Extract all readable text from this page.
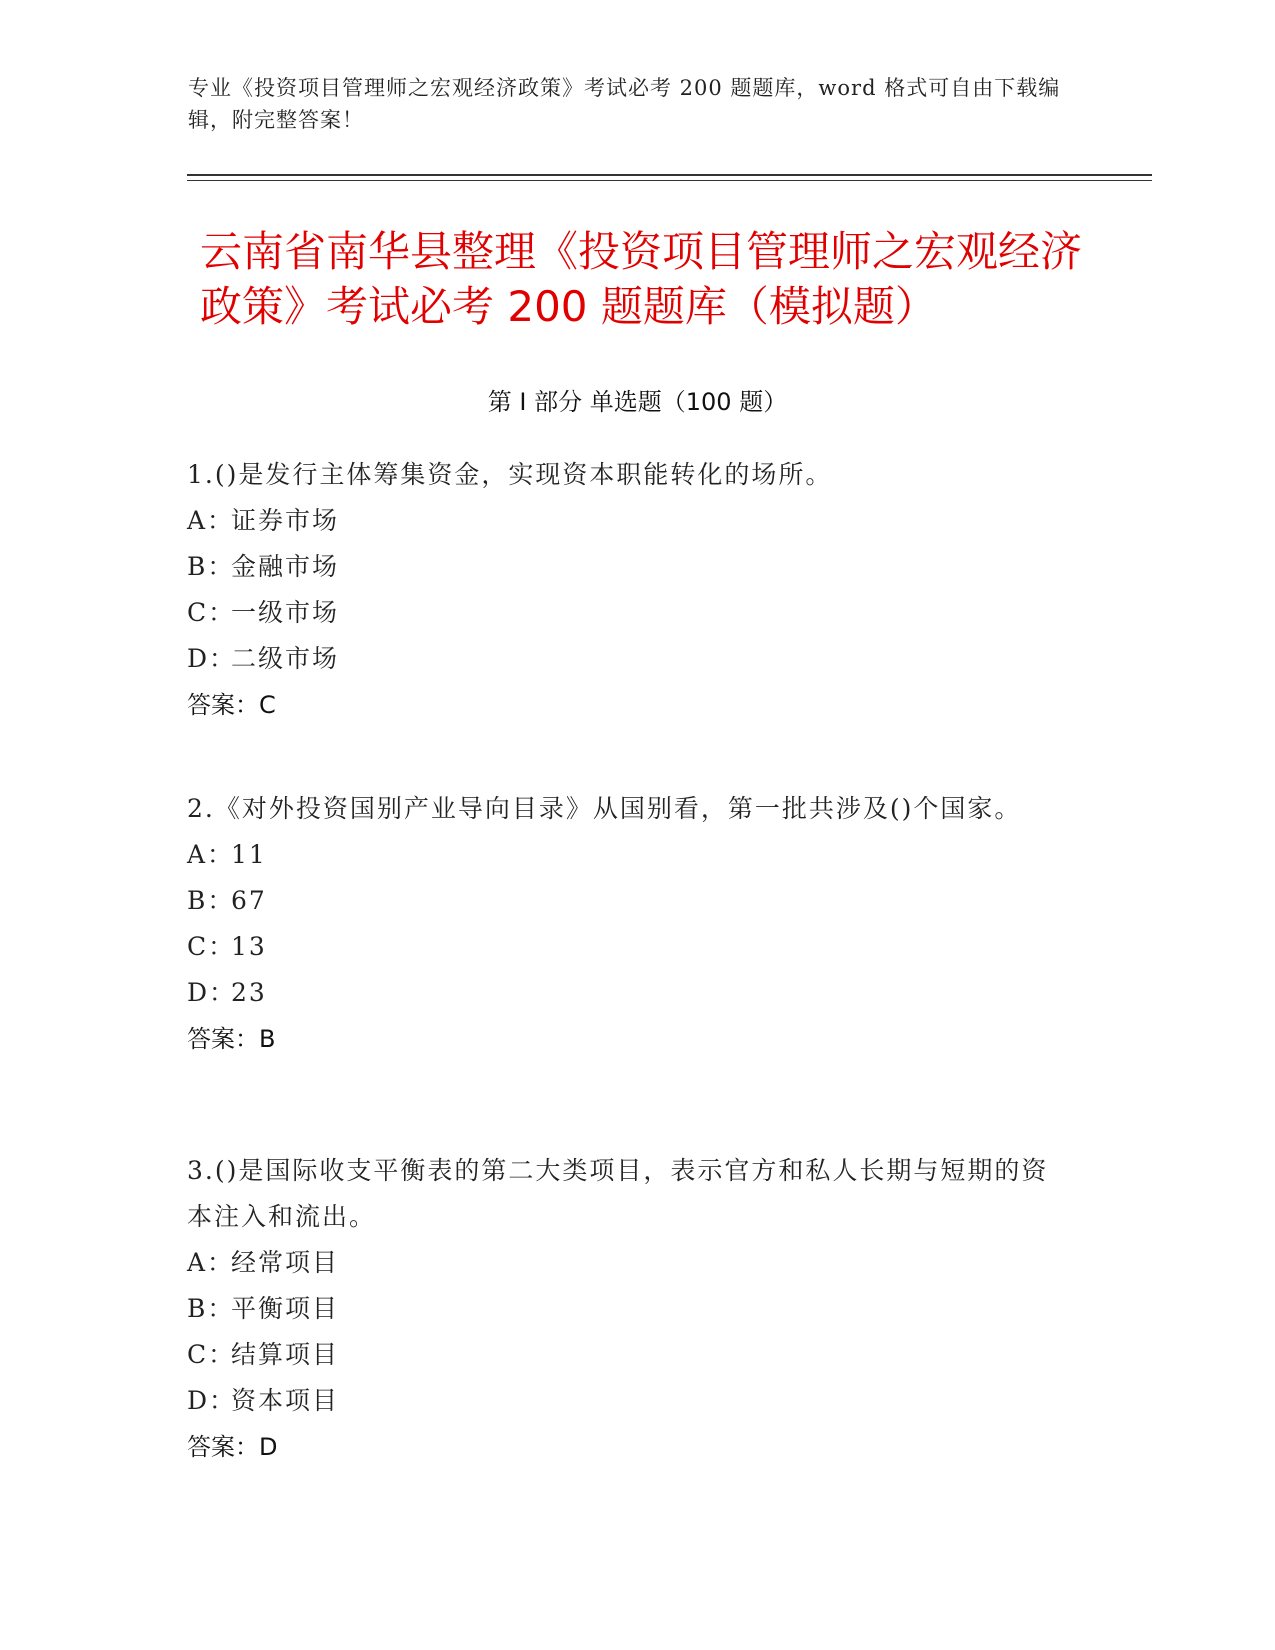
专业《投资项目管理师之宏观经济政策》考试必考 200 题题库，word 格式可自由下载编辑，附完整答案！
云南省南华县整理《投资项目管理师之宏观经济政策》考试必考 200 题题库（模拟题）
第 I 部分 单选题（100 题）

1.()是发行主体筹集资金，实现资本职能转化的场所。

A：证券市场
B：金融市场
C：一级市场
D：二级市场
答案：C

2.《对外投资国别产业导向目录》从国别看，第一批共涉及()个国家。

A：11
B：67
C：13
D：23
答案：B

3.()是国际收支平衡表的第二大类项目，表示官方和私人长期与短期的资本注入和流出。

A：经常项目
B：平衡项目
C：结算项目
D：资本项目
答案：D
